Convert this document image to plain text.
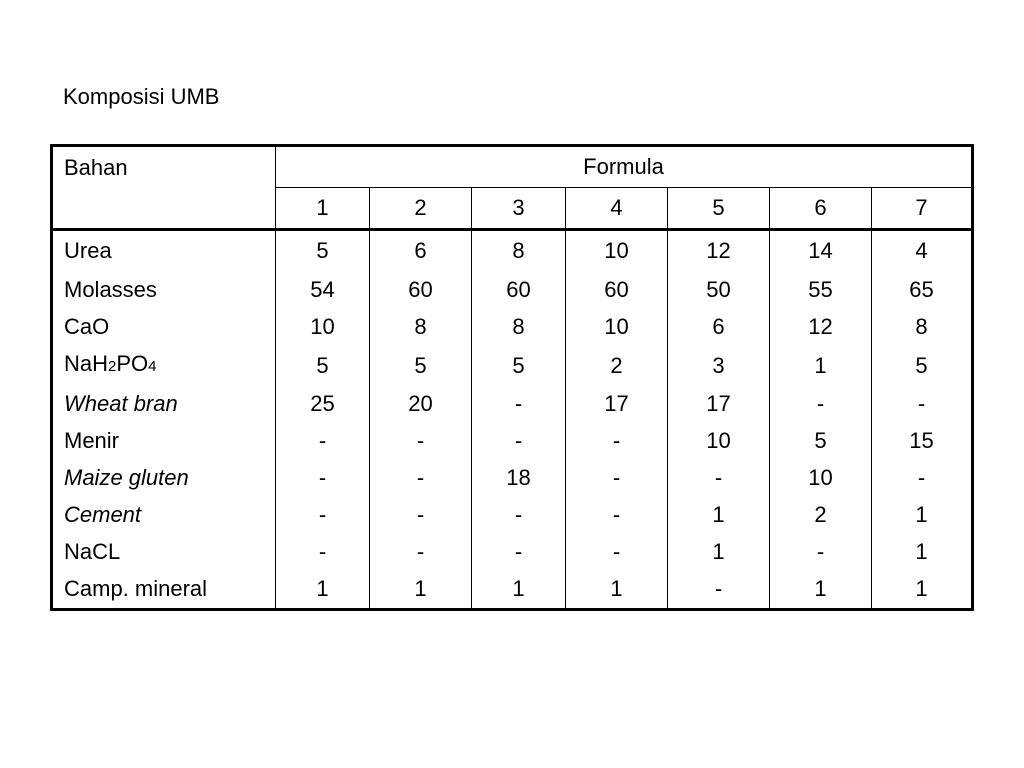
Komposisi UMB
Bahan	Formula						
	1	2	3	4	5	6	7
Urea	5	6	8	10	12	14	4
Molasses	54	60	60	60	50	55	65
CaO	10	8	8	10	6	12	8
NaH2PO4	5	5	5	2	3	1	5
Wheat bran	25	20	-	17	17	-	-
Menir	-	-	-	-	10	5	15
Maize gluten	-	-	18	-	-	10	-
Cement	-	-	-	-	1	2	1
NaCL	-	-	-	-	1	-	1
Camp. mineral	1	1	1	1	-	1	1
